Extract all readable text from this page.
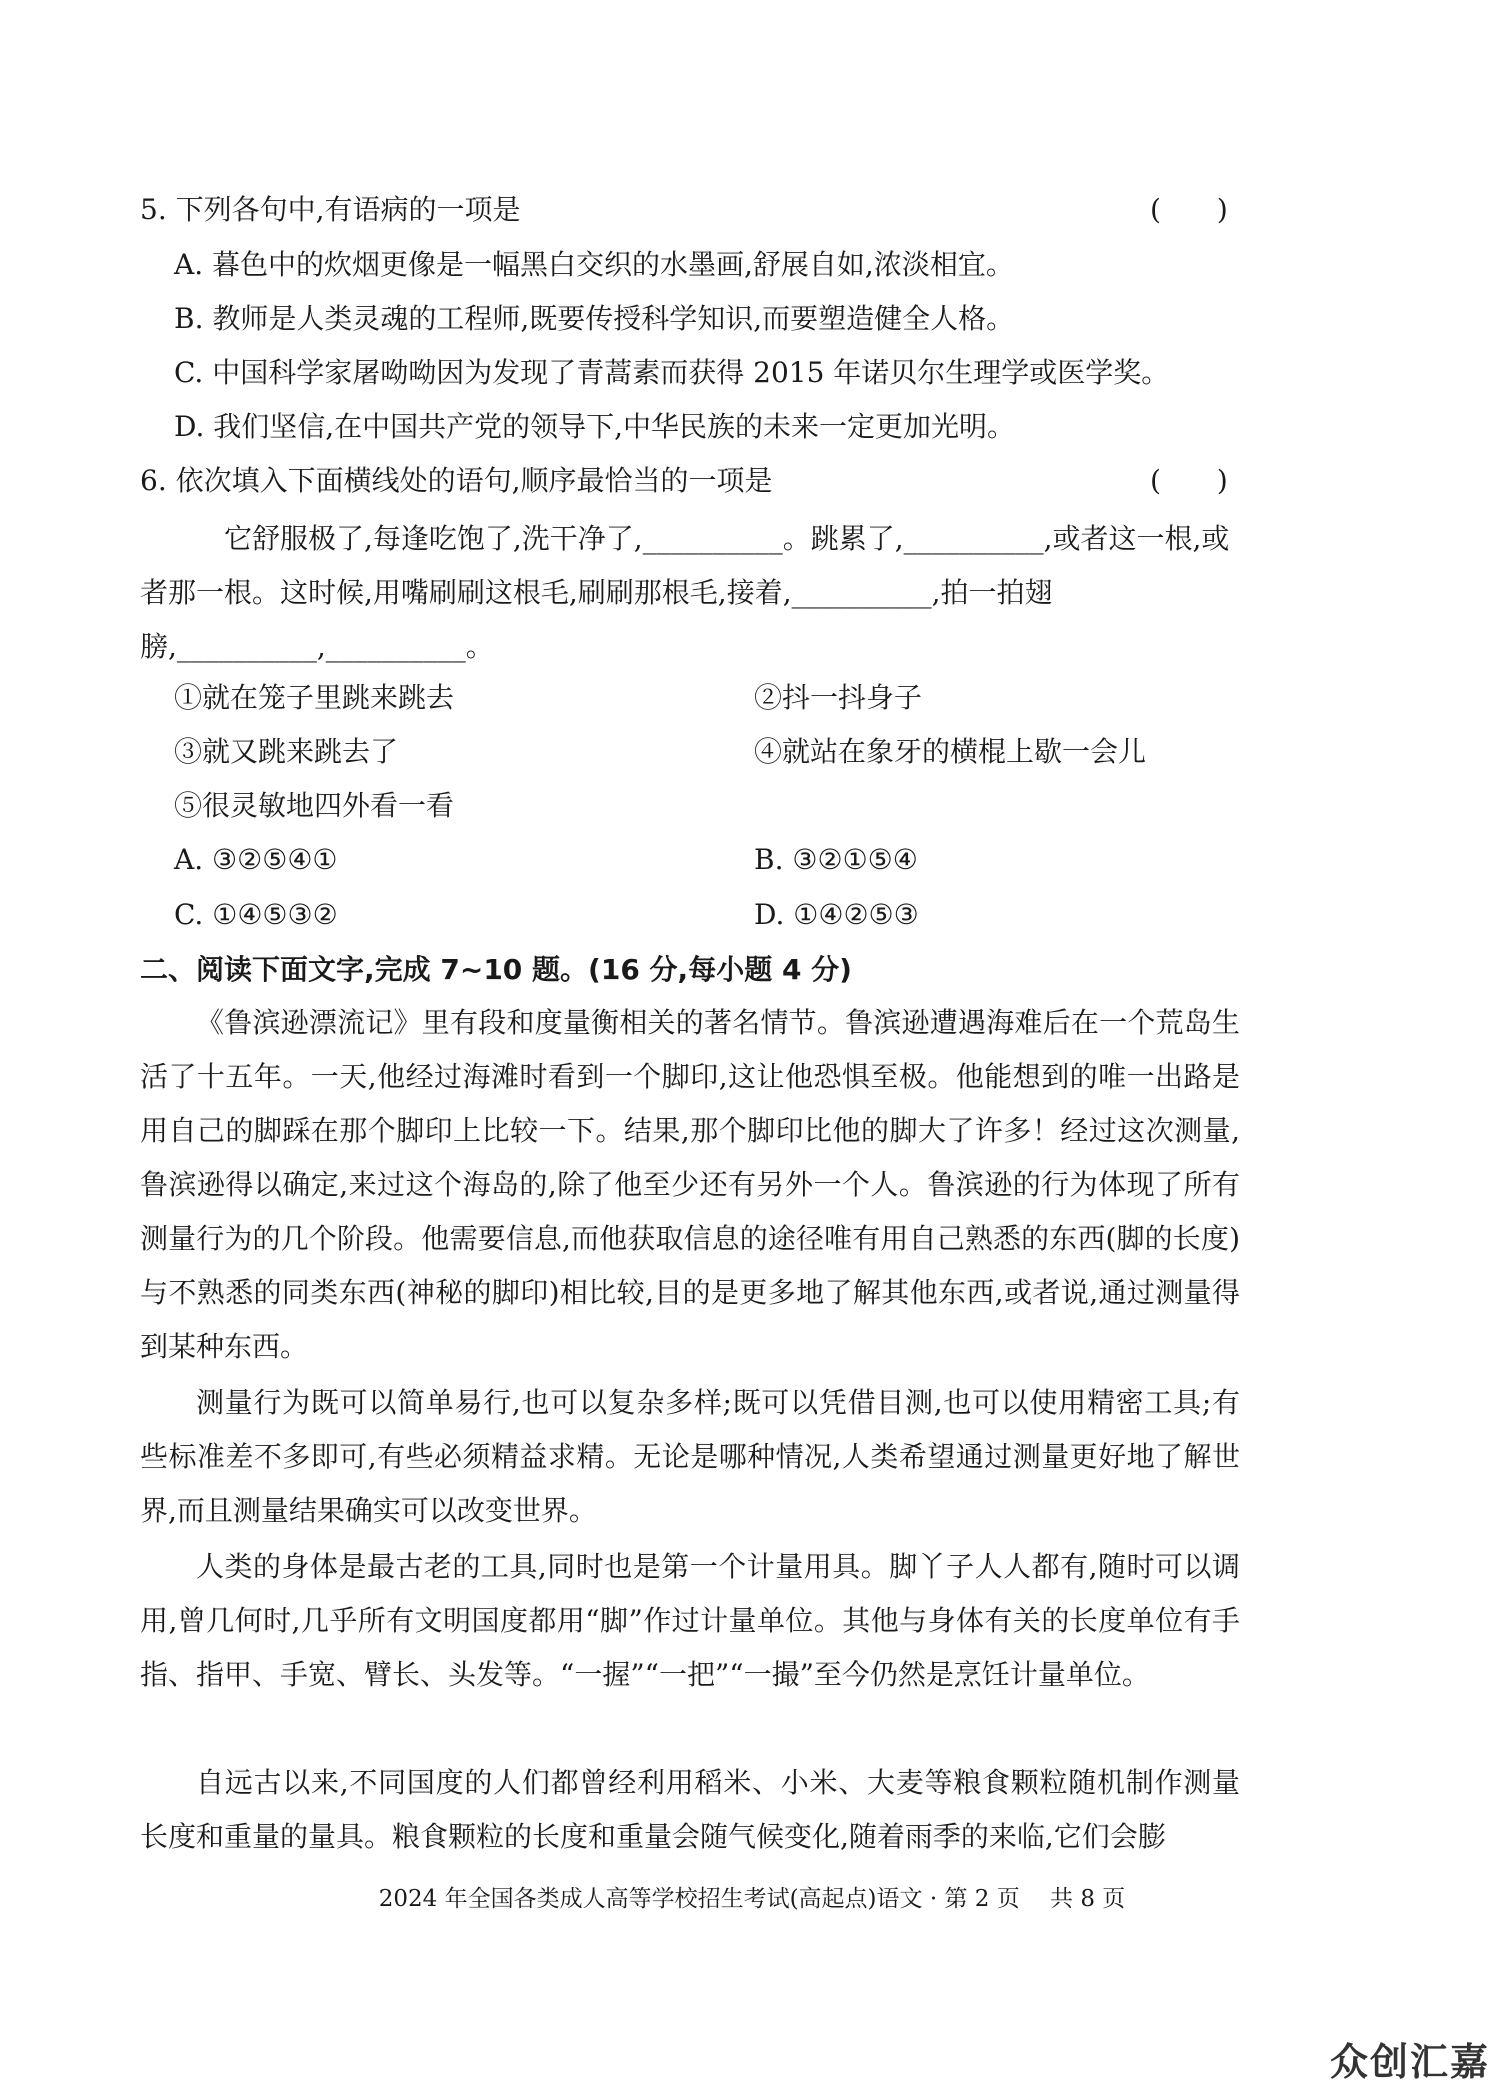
5. 下列各句中,有语病的一项是	(　　)
A. 暮色中的炊烟更像是一幅黑白交织的水墨画,舒展自如,浓淡相宜。
B. 教师是人类灵魂的工程师,既要传授科学知识,而要塑造健全人格。
C. 中国科学家屠呦呦因为发现了青蒿素而获得 2015 年诺贝尔生理学或医学奖。
D. 我们坚信,在中国共产党的领导下,中华民族的未来一定更加光明。
6. 依次填入下面横线处的语句,顺序最恰当的一项是	(　　)

它舒服极了,每逢吃饱了,洗干净了,__________。跳累了,__________,或者这一根,或者那一根。这时候,用嘴刷刷这根毛,刷刷那根毛,接着,__________,拍一拍翅膀,__________,__________。

①就在笼子里跳来跳去	②抖一抖身子
③就又跳来跳去了	④就站在象牙的横棍上歇一会儿
⑤很灵敏地四外看一看
A. ③②⑤④①	B. ③②①⑤④
C. ①④⑤③②	D. ①④②⑤③
二、阅读下面文字,完成 7~10 题。(16 分,每小题 4 分)

《鲁滨逊漂流记》里有段和度量衡相关的著名情节。鲁滨逊遭遇海难后在一个荒岛生活了十五年。一天,他经过海滩时看到一个脚印,这让他恐惧至极。他能想到的唯一出路是用自己的脚踩在那个脚印上比较一下。结果,那个脚印比他的脚大了许多！经过这次测量,鲁滨逊得以确定,来过这个海岛的,除了他至少还有另外一个人。鲁滨逊的行为体现了所有测量行为的几个阶段。他需要信息,而他获取信息的途径唯有用自己熟悉的东西(脚的长度)与不熟悉的同类东西(神秘的脚印)相比较,目的是更多地了解其他东西,或者说,通过测量得到某种东西。

测量行为既可以简单易行,也可以复杂多样;既可以凭借目测,也可以使用精密工具;有些标准差不多即可,有些必须精益求精。无论是哪种情况,人类希望通过测量更好地了解世界,而且测量结果确实可以改变世界。

人类的身体是最古老的工具,同时也是第一个计量用具。脚丫子人人都有,随时可以调用,曾几何时,几乎所有文明国度都用“脚”作过计量单位。其他与身体有关的长度单位有手指、指甲、手宽、臂长、头发等。“一握”“一把”“一撮”至今仍然是烹饪计量单位。

自远古以来,不同国度的人们都曾经利用稻米、小米、大麦等粮食颗粒随机制作测量长度和重量的量具。粮食颗粒的长度和重量会随气候变化,随着雨季的来临,它们会膨

2024 年全国各类成人高等学校招生考试(高起点)语文 · 第 2 页　 共 8 页
众创汇嘉
